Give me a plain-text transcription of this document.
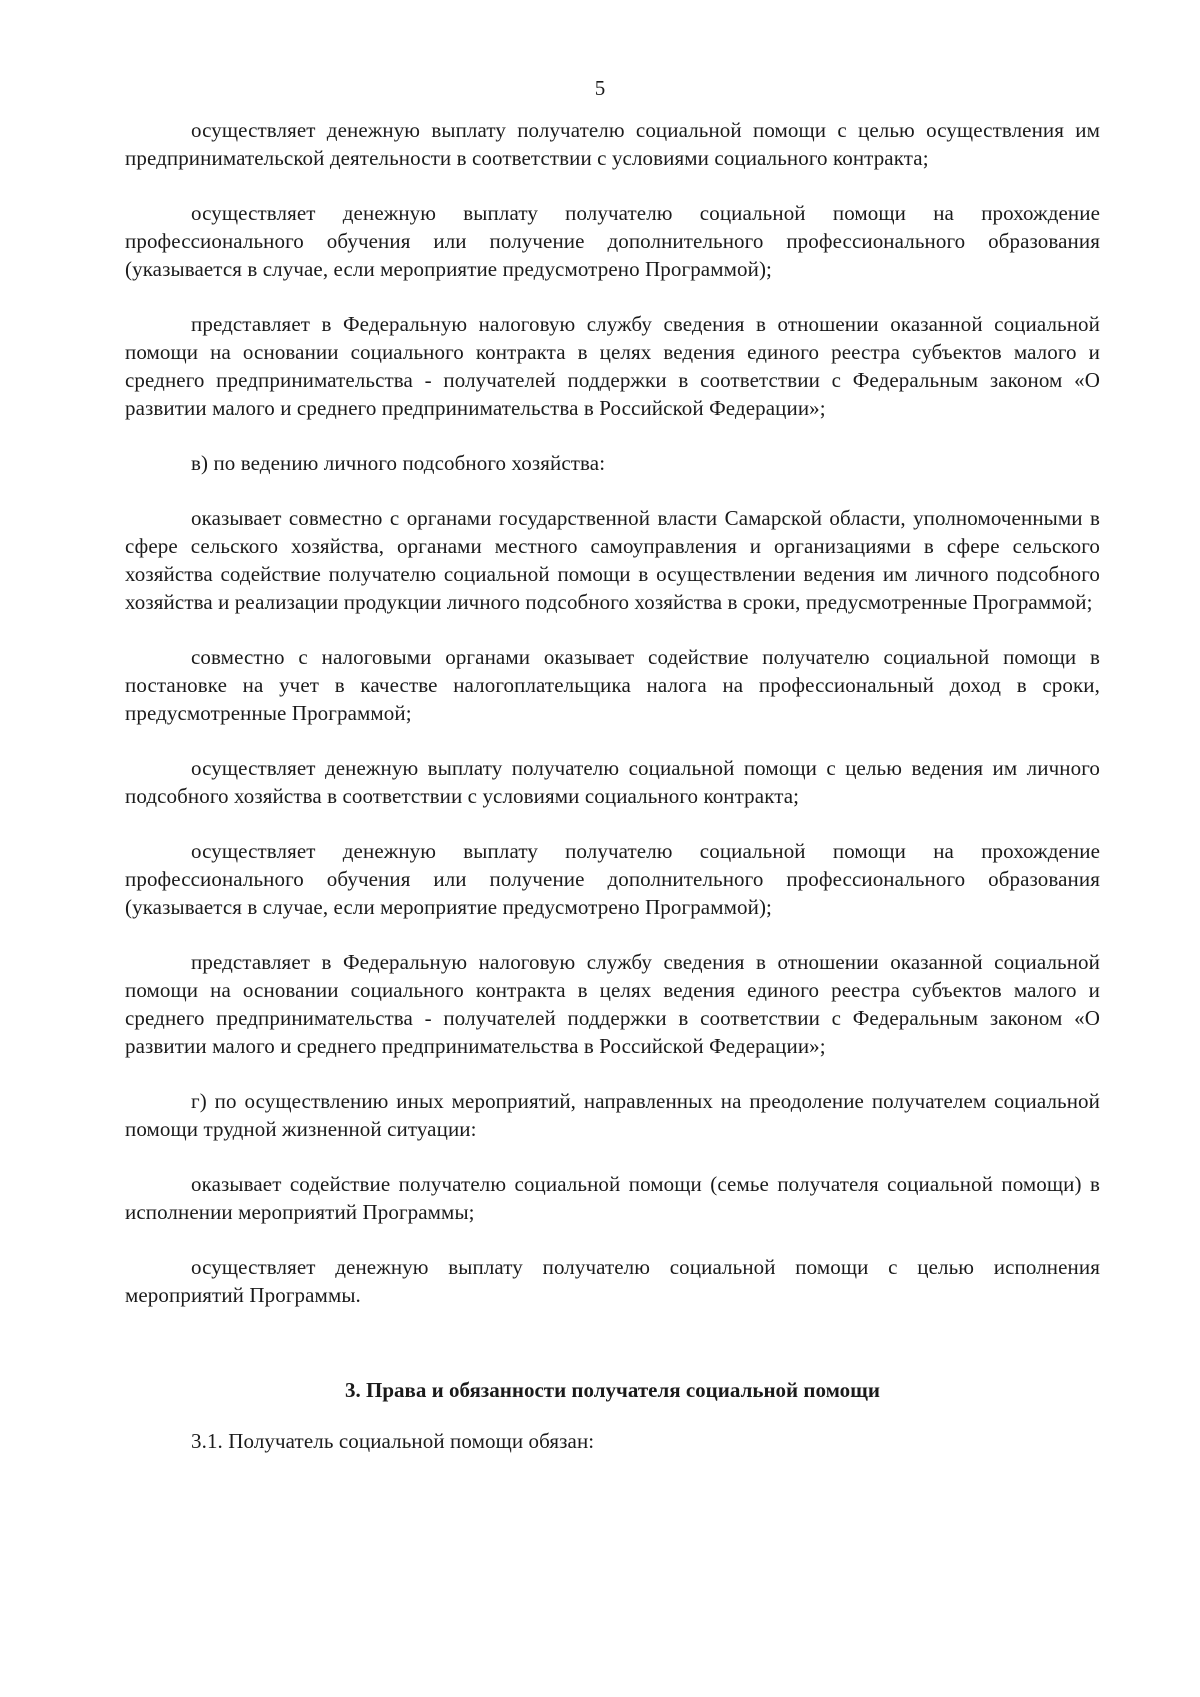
5

осуществляет денежную выплату получателю социальной помощи с целью осуществления им предпринимательской деятельности в соответствии с условиями социального контракта;

осуществляет денежную выплату получателю социальной помощи на прохождение профессионального обучения или получение дополнительного профессионального образования (указывается в случае, если мероприятие предусмотрено Программой);

представляет в Федеральную налоговую службу сведения в отношении оказанной социальной помощи на основании социального контракта в целях ведения единого реестра субъектов малого и среднего предпринимательства - получателей поддержки в соответствии с Федеральным законом «О развитии малого и среднего предпринимательства в Российской Федерации»;

в) по ведению личного подсобного хозяйства:

оказывает совместно с органами государственной власти Самарской области, уполномоченными в сфере сельского хозяйства, органами местного самоуправления и организациями в сфере сельского хозяйства содействие получателю социальной помощи в осуществлении ведения им личного подсобного хозяйства и реализации продукции личного подсобного хозяйства в сроки, предусмотренные Программой;

совместно с налоговыми органами оказывает содействие получателю социальной помощи в постановке на учет в качестве налогоплательщика налога на профессиональный доход в сроки, предусмотренные Программой;

осуществляет денежную выплату получателю социальной помощи с целью ведения им личного подсобного хозяйства в соответствии с условиями социального контракта;

осуществляет денежную выплату получателю социальной помощи на прохождение профессионального обучения или получение дополнительного профессионального образования (указывается в случае, если мероприятие предусмотрено Программой);

представляет в Федеральную налоговую службу сведения в отношении оказанной социальной помощи на основании социального контракта в целях ведения единого реестра субъектов малого и среднего предпринимательства - получателей поддержки в соответствии с Федеральным законом «О развитии малого и среднего предпринимательства в Российской Федерации»;

г) по осуществлению иных мероприятий, направленных на преодоление получателем социальной помощи трудной жизненной ситуации:

оказывает содействие получателю социальной помощи (семье получателя социальной помощи) в исполнении мероприятий Программы;

осуществляет денежную выплату получателю социальной помощи с целью исполнения мероприятий Программы.

3. Права и обязанности получателя социальной помощи

3.1. Получатель социальной помощи обязан:
